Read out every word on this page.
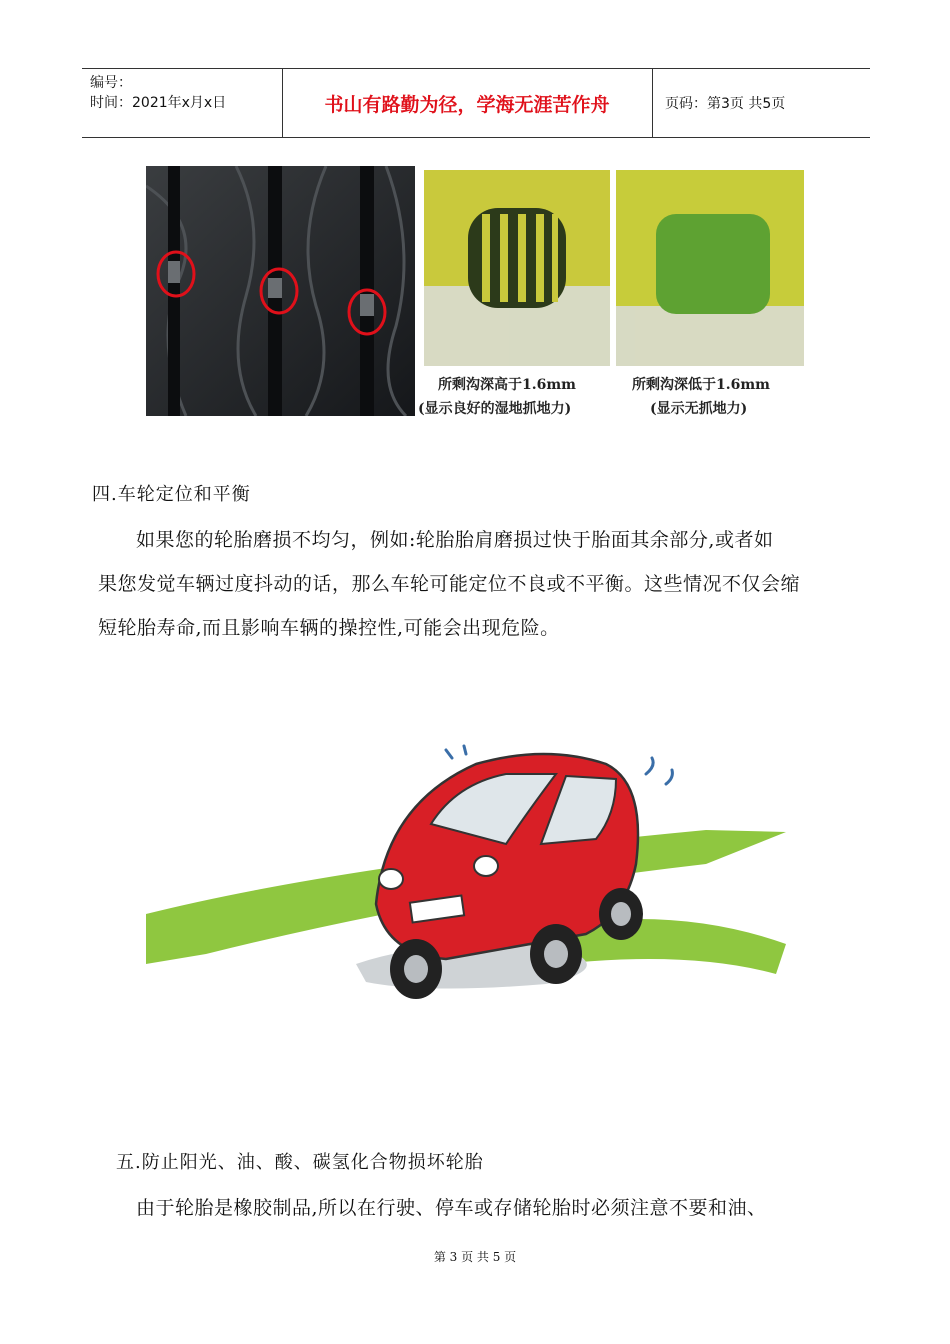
编号：
时间：2021年x月x日	书山有路勤为径，学海无涯苦作舟	页码：第3页 共5页
所剩沟深高于1.6mm
(显示良好的湿地抓地力)
所剩沟深低于1.6mm
(显示无抓地力)
四.车轮定位和平衡
如果您的轮胎磨损不均匀，例如:轮胎胎肩磨损过快于胎面其余部分,或者如
果您发觉车辆过度抖动的话，那么车轮可能定位不良或不平衡。这些情况不仅会缩
短轮胎寿命,而且影响车辆的操控性,可能会出现危险。
五.防止阳光、油、酸、碳氢化合物损坏轮胎
由于轮胎是橡胶制品,所以在行驶、停车或存储轮胎时必须注意不要和油、
第 3 页 共 5 页
